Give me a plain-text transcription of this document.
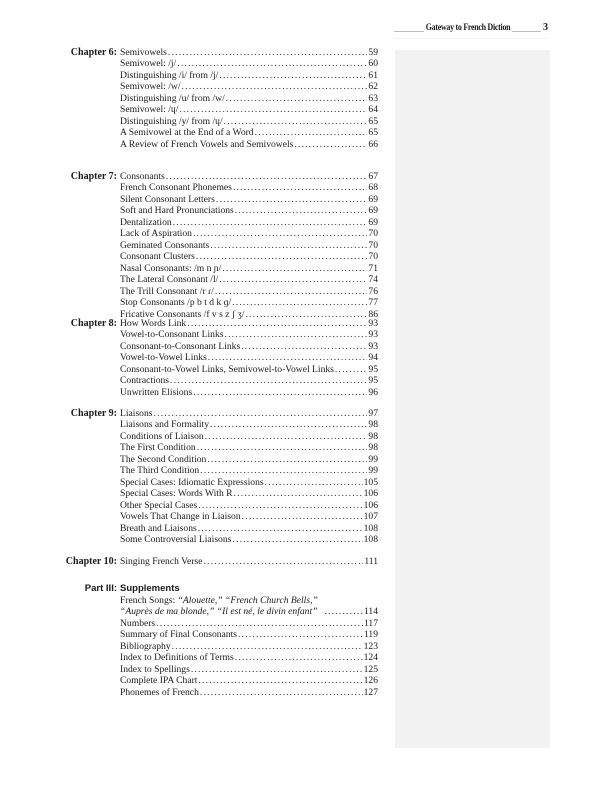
Gateway to French Diction	3
Chapter 6: Semivowels . . .	59
Semivowel: /j/ . . .	60
Distinguishing /i/ from /j/ . . .	61
Semivowel: /w/ . . .	62
Distinguishing /u/ from /w/ . . .	63
Semivowel: /ɥ/ . . .	64
Distinguishing /y/ from /ɥ/ . . .	65
A Semivowel at the End of a Word . . .	65
A Review of French Vowels and Semivowels . . .	66
Chapter 7: Consonants . . .	67
French Consonant Phonemes . . .	68
Silent Consonant Letters . . .	69
Soft and Hard Pronunciations . . .	69
Dentalization . . .	69
Lack of Aspiration . . .	70
Geminated Consonants . . .	70
Consonant Clusters . . .	70
Nasal Consonants: /m n ɲ/ . . .	71
The Lateral Consonant /l/ . . .	74
The Trill Consonant /r ɾ/ . . .	76
Stop Consonants /p b t d k ɡ/ . . .	77
Fricative Consonants /f v s z ʃ ʒ/ . . .	86
Chapter 8: How Words Link . . .	93
Vowel-to-Consonant Links . . .	93
Consonant-to-Consonant Links . . .	93
Vowel-to-Vowel Links . . .	94
Consonant-to-Vowel Links, Semivowel-to-Vowel Links . . .	95
Contractions . . .	95
Unwritten Elisions . . .	96
Chapter 9: Liaisons . . .	97
Liaisons and Formality . . .	98
Conditions of Liaison . . .	98
The First Condition . . .	98
The Second Condition . . .	99
The Third Condition . . .	99
Special Cases: Idiomatic Expressions . . .	105
Special Cases: Words With R . . .	106
Other Special Cases . . .	106
Vowels That Change in Liaison . . .	107
Breath and Liaisons . . .	108
Some Controversial Liaisons . . .	108
Chapter 10: Singing French Verse . . .	111
Part III: Supplements
French Songs: “Alouette,” “French Church Bells,”
“Auprès de ma blonde,” “Il est né, le divin enfant” . . .	114
Numbers . . .	117
Summary of Final Consonants . . .	119
Bibliography . . .	123
Index to Definitions of Terms . . .	124
Index to Spellings . . .	125
Complete IPA Chart . . .	126
Phonemes of French . . .	127
